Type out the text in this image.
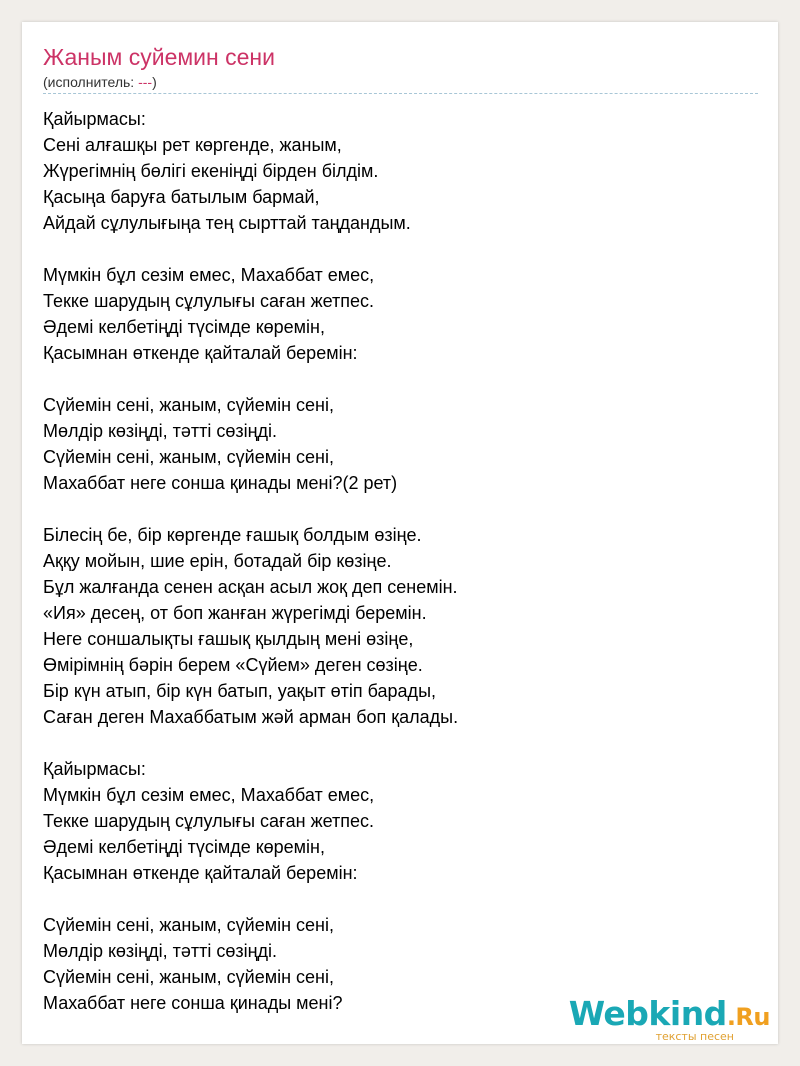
Жаным суйемин сени
(исполнитель: ---)
Қайырмасы:
Сені алғашқы рет көргенде, жаным,
Жүрегімнің бөлігі екеніңді бірден білдім.
Қасыңа баруға батылым бармай,
Айдай сұлулығыңа тең сырттай таңдандым.
Мүмкін бұл сезім емес, Махаббат емес,
Текке шарудың сұлулығы саған жетпес.
Әдемі келбетіңді түсімде көремін,
Қасымнан өткенде қайталай беремін:
Сүйемін сені, жаным, сүйемін сені,
Мөлдір көзіңді, тәтті сөзіңді.
Сүйемін сені, жаным, сүйемін сені,
Махаббат неге сонша қинады мені?(2 рет)
Білесің бе, бір көргенде ғашық болдым өзіңе.
Аққу мойын, шие ерін, ботадай бір көзіңе.
Бұл жалғанда сенен асқан асыл жоқ деп сенемін.
«Ия» десең, от боп жанған жүрегімді беремін.
Неге соншалықты ғашық қылдың мені өзіңе,
Өмірімнің бәрін берем «Сүйем» деген сөзіңе.
Бір күн атып, бір күн батып, уақыт өтіп барады,
Саған деген Махаббатым жәй арман боп қалады.
Қайырмасы:
Мүмкін бұл сезім емес, Махаббат емес,
Текке шарудың сұлулығы саған жетпес.
Әдемі келбетіңді түсімде көремін,
Қасымнан өткенде қайталай беремін:
Сүйемін сені, жаным, сүйемін сені,
Мөлдір көзіңді, тәтті сөзіңді.
Сүйемін сені, жаным, сүйемін сені,
Махаббат неге сонша қинады мені?	Webkind.Ru
тексты песен
